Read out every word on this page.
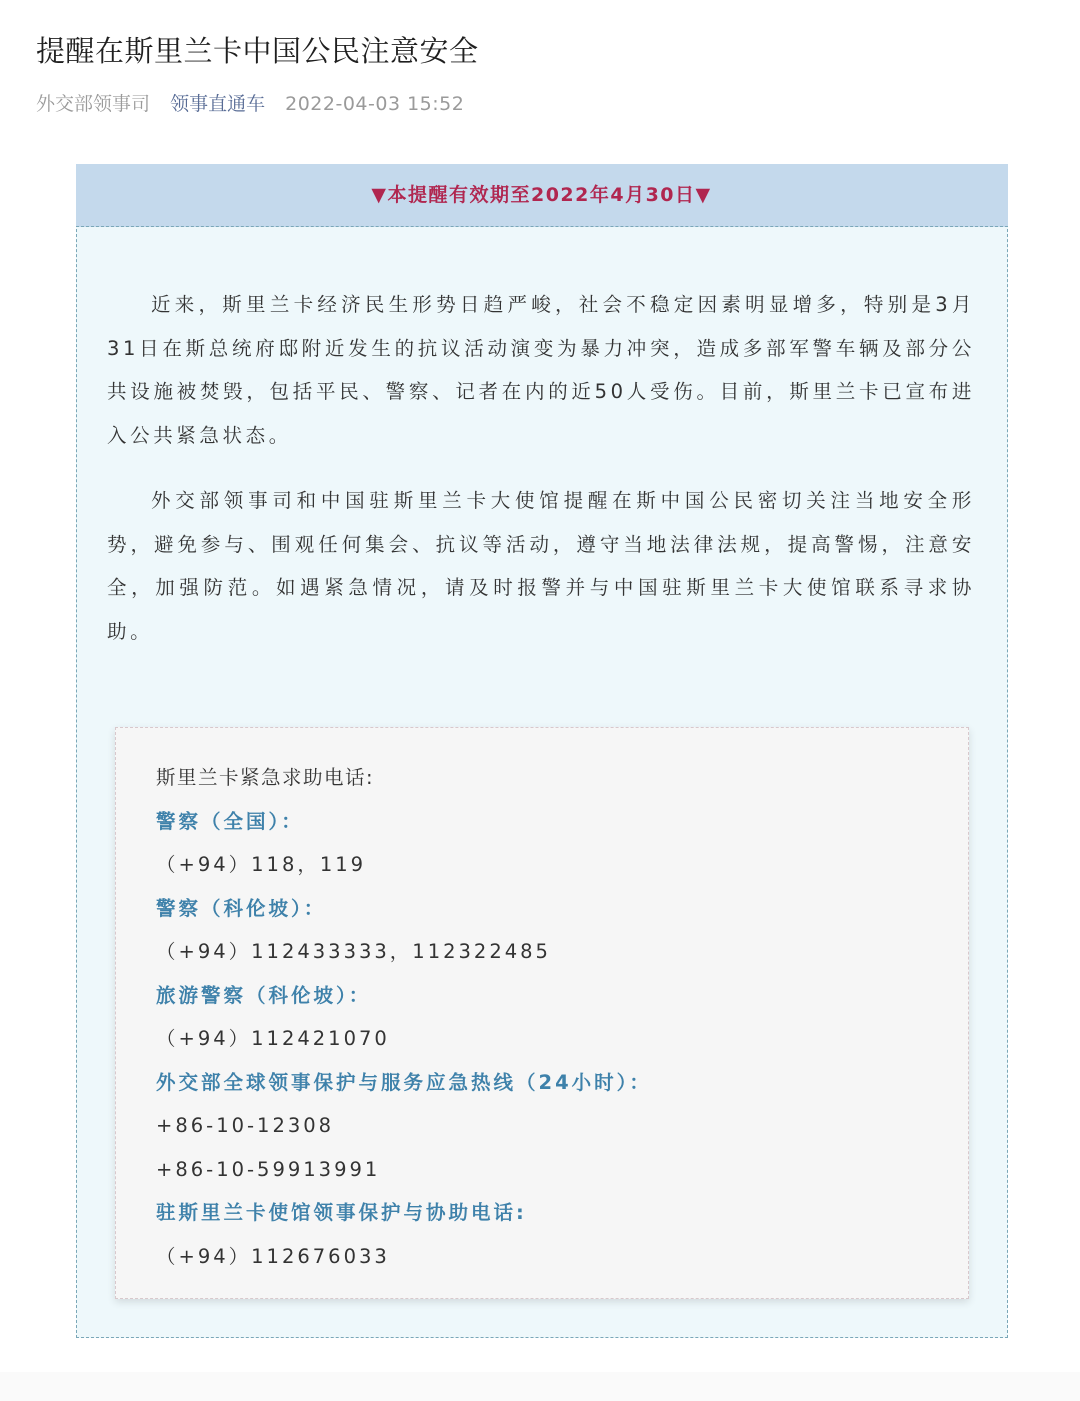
提醒在斯里兰卡中国公民注意安全
外交部领事司 领事直通车 2022-04-03 15:52
▼本提醒有效期至2022年4月30日▼

近来，斯里兰卡经济民生形势日趋严峻，社会不稳定因素明显增多，特别是3月31日在斯总统府邸附近发生的抗议活动演变为暴力冲突，造成多部军警车辆及部分公共设施被焚毁，包括平民、警察、记者在内的近50人受伤。目前，斯里兰卡已宣布进入公共紧急状态。

外交部领事司和中国驻斯里兰卡大使馆提醒在斯中国公民密切关注当地安全形势，避免参与、围观任何集会、抗议等活动，遵守当地法律法规，提高警惕，注意安全，加强防范。如遇紧急情况，请及时报警并与中国驻斯里兰卡大使馆联系寻求协助。

斯里兰卡紧急求助电话:
警察（全国）：
（+94）118，119
警察（科伦坡）：
（+94）112433333，112322485
旅游警察（科伦坡）：
（+94）112421070
外交部全球领事保护与服务应急热线（24小时）：
+86-10-12308
+86-10-59913991
驻斯里兰卡使馆领事保护与协助电话:
（+94）112676033
